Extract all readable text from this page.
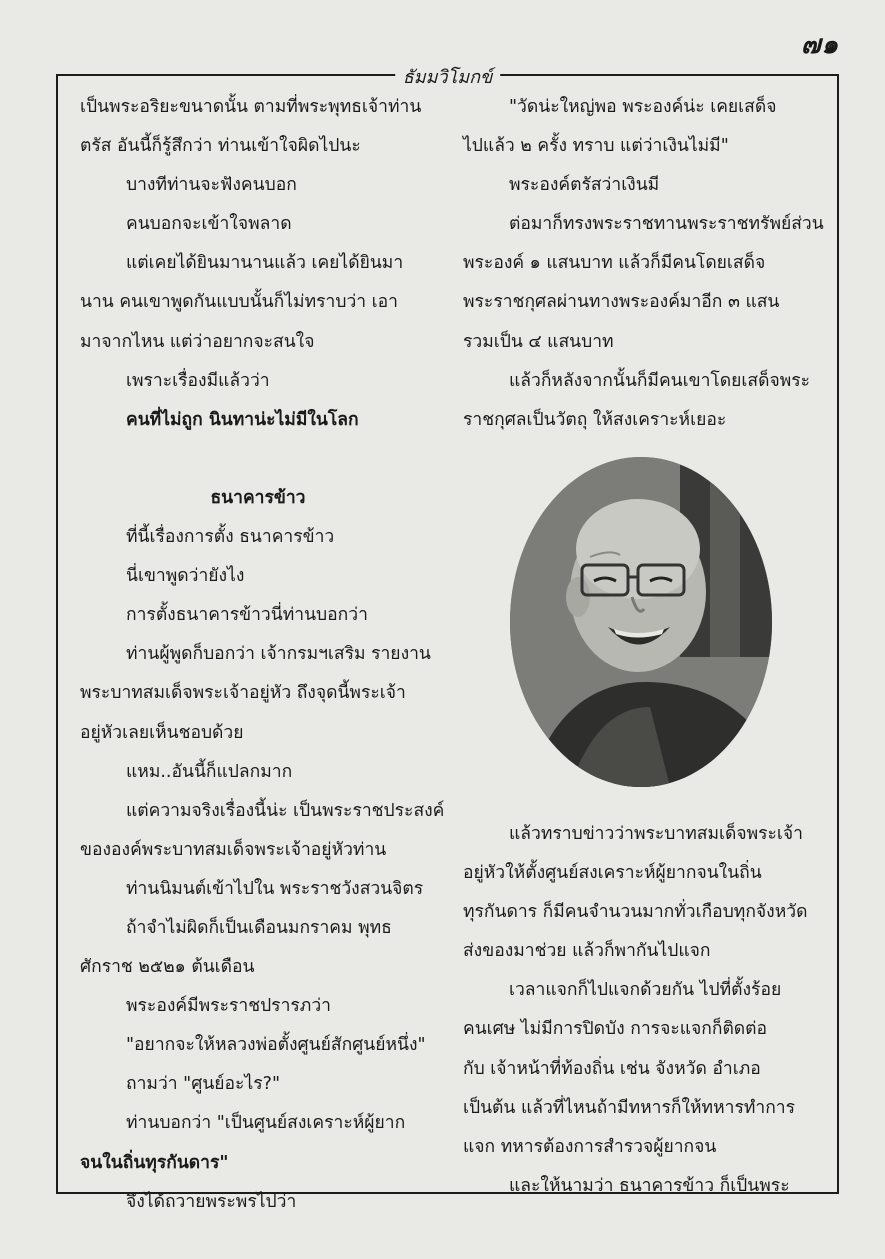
๗๑
ธัมมวิโมกข์
เป็นพระอริยะขนาดนั้น ตามที่พระพุทธเจ้าท่าน
ตรัส อันนี้ก็รู้สึกว่า ท่านเข้าใจผิดไปนะ
บางทีท่านจะฟังคนบอก
คนบอกจะเข้าใจพลาด
แต่เคยได้ยินมานานแล้ว เคยได้ยินมา
นาน คนเขาพูดกันแบบนั้นก็ไม่ทราบว่า เอา
มาจากไหน แต่ว่าอยากจะสนใจ
เพราะเรื่องมีแล้วว่า
คนที่ไม่ถูก นินทาน่ะไม่มีในโลก
ธนาคารข้าว
ที่นี้เรื่องการตั้ง ธนาคารข้าว
นี่เขาพูดว่ายังไง
การตั้งธนาคารข้าวนี่ท่านบอกว่า
ท่านผู้พูดก็บอกว่า เจ้ากรมฯเสริม รายงาน
พระบาทสมเด็จพระเจ้าอยู่หัว ถึงจุดนี้พระเจ้า
อยู่หัวเลยเห็นชอบด้วย
แหม..อันนี้ก็แปลกมาก
แต่ความจริงเรื่องนี้น่ะ เป็นพระราชประสงค์
ขององค์พระบาทสมเด็จพระเจ้าอยู่หัวท่าน
ท่านนิมนต์เข้าไปใน พระราชวังสวนจิตร
ถ้าจำไม่ผิดก็เป็นเดือนมกราคม พุทธ
ศักราช ๒๕๒๑ ต้นเดือน
พระองค์มีพระราชปรารภว่า
"อยากจะให้หลวงพ่อตั้งศูนย์สักศูนย์หนึ่ง"
ถามว่า "ศูนย์อะไร?"
ท่านบอกว่า "เป็นศูนย์สงเคราะห์ผู้ยาก
จนในถิ่นทุรกันดาร"
จึงได้ถวายพระพรไปว่า
"วัดน่ะใหญ่พอ พระองค์น่ะ เคยเสด็จ
ไปแล้ว ๒ ครั้ง ทราบ แต่ว่าเงินไม่มี"
พระองค์ตรัสว่าเงินมี
ต่อมาก็ทรงพระราชทานพระราชทรัพย์ส่วน
พระองค์ ๑ แสนบาท แล้วก็มีคนโดยเสด็จ
พระราชกุศลผ่านทางพระองค์มาอีก ๓ แสน
รวมเป็น ๔ แสนบาท
แล้วก็หลังจากนั้นก็มีคนเขาโดยเสด็จพระ
ราชกุศลเป็นวัตถุ ให้สงเคราะห์เยอะ
แล้วทราบข่าวว่าพระบาทสมเด็จพระเจ้า
อยู่หัวให้ตั้งศูนย์สงเคราะห์ผู้ยากจนในถิ่น
ทุรกันดาร ก็มีคนจำนวนมากทั่วเกือบทุกจังหวัด
ส่งของมาช่วย แล้วก็พากันไปแจก
เวลาแจกก็ไปแจกด้วยกัน ไปที่ตั้งร้อย
คนเศษ ไม่มีการปิดบัง การจะแจกก็ติดต่อ
กับ เจ้าหน้าที่ท้องถิ่น เช่น จังหวัด อำเภอ
เป็นต้น แล้วที่ไหนถ้ามีทหารก็ให้ทหารทำการ
แจก ทหารต้องการสำรวจผู้ยากจน
และให้นามว่า ธนาคารข้าว ก็เป็นพระ
